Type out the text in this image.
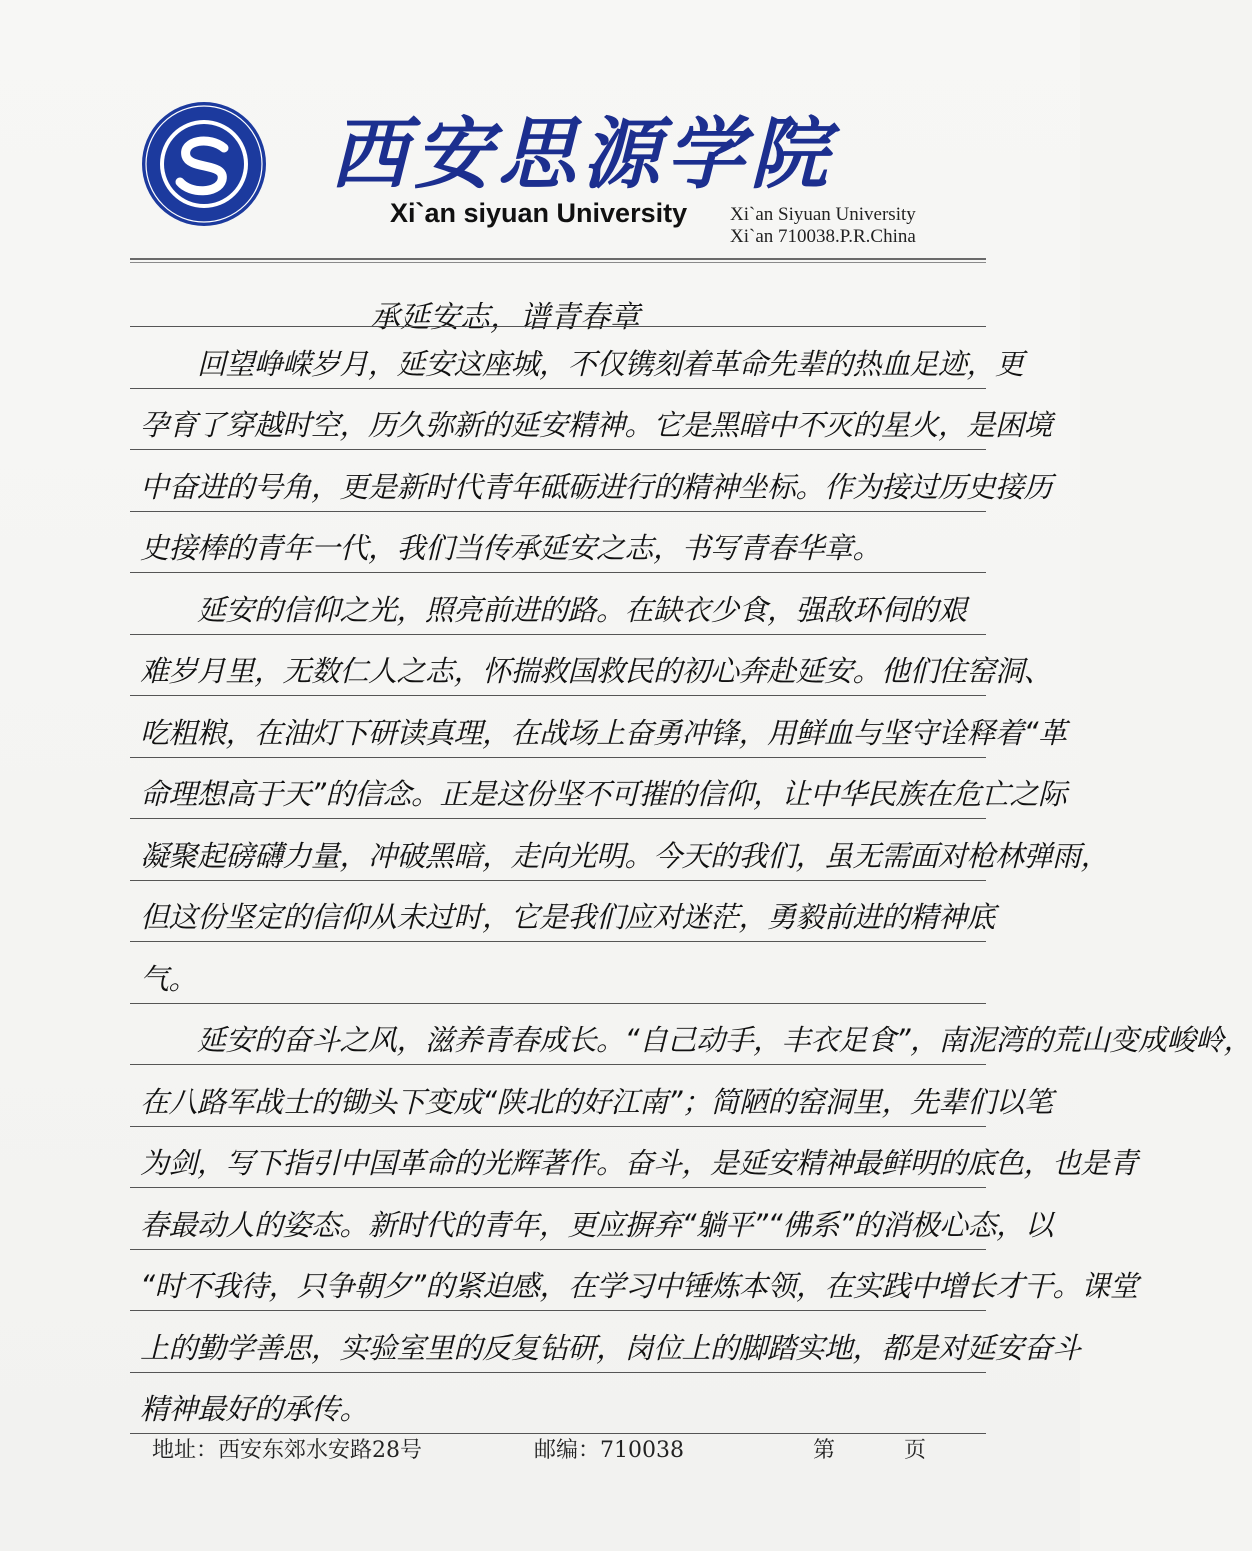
西安思源学院
Xi`an siyuan University Xi`an Siyuan University
Xi`an 710038.P.R.China
承延安志，谱青春章
　　回望峥嵘岁月，延安这座城，不仅镌刻着革命先辈的热血足迹，更
孕育了穿越时空，历久弥新的延安精神。它是黑暗中不灭的星火，是困境
中奋进的号角，更是新时代青年砥砺进行的精神坐标。作为接过历史接历
史接棒的青年一代，我们当传承延安之志，书写青春华章。
　　延安的信仰之光，照亮前进的路。在缺衣少食，强敌环伺的艰
难岁月里，无数仁人之志，怀揣救国救民的初心奔赴延安。他们住窑洞、
吃粗粮，在油灯下研读真理，在战场上奋勇冲锋，用鲜血与坚守诠释着“革
命理想高于天”的信念。正是这份坚不可摧的信仰，让中华民族在危亡之际
凝聚起磅礴力量，冲破黑暗，走向光明。今天的我们，虽无需面对枪林弹雨，
但这份坚定的信仰从未过时，它是我们应对迷茫，勇毅前进的精神底
气。
　　延安的奋斗之风，滋养青春成长。“自己动手，丰衣足食”，南泥湾的荒山变成峻岭，
在八路军战士的锄头下变成“陕北的好江南”；简陋的窑洞里，先辈们以笔
为剑，写下指引中国革命的光辉著作。奋斗，是延安精神最鲜明的底色，也是青
春最动人的姿态。新时代的青年，更应摒弃“躺平”“佛系”的消极心态，以
“时不我待，只争朝夕”的紧迫感，在学习中锤炼本领，在实践中增长才干。课堂
上的勤学善思，实验室里的反复钻研，岗位上的脚踏实地，都是对延安奋斗
精神最好的承传。
地址：西安东郊水安路28号	邮编：710038	第	页
